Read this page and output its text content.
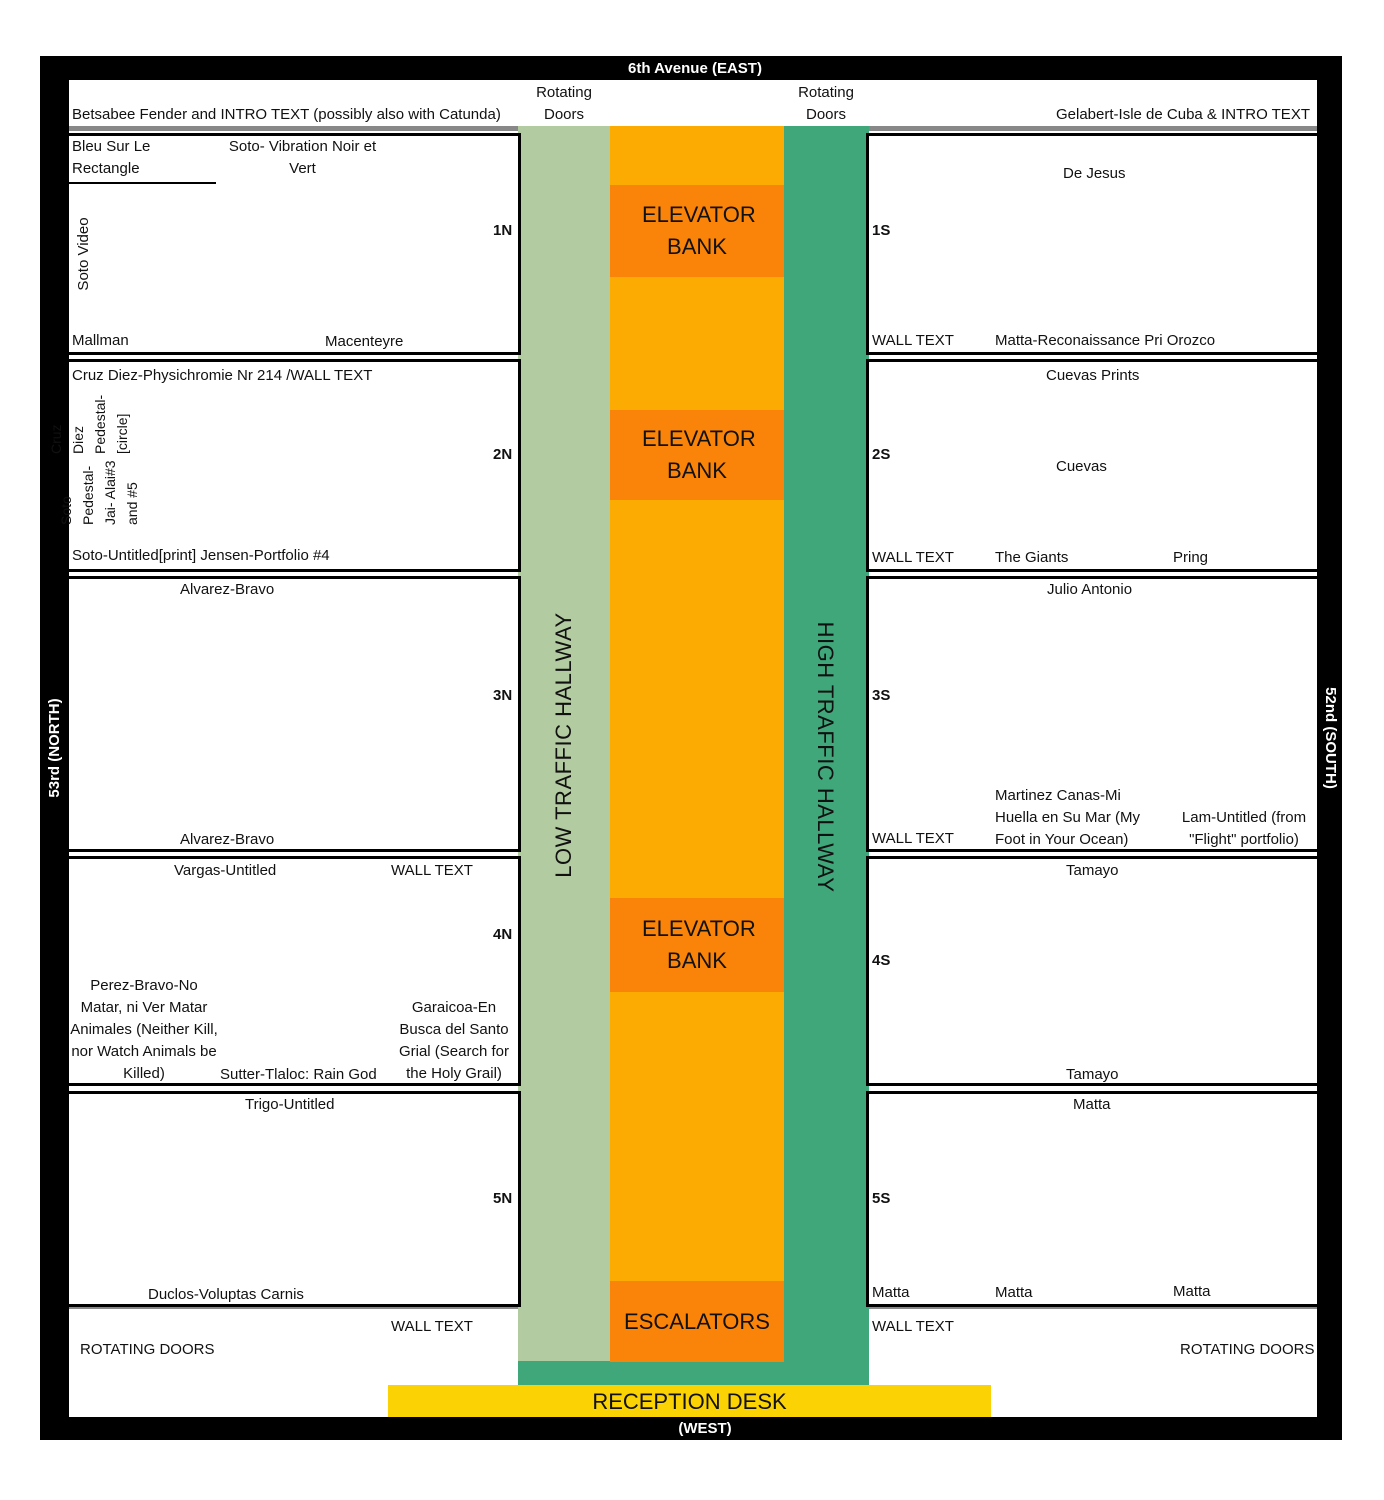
6th Avenue (EAST)
(WEST)
53rd (NORTH)	52nd (SOUTH)
Betsabee Fender and INTRO TEXT (possibly also with Catunda)	Gelabert-Isle de Cuba & INTRO TEXT
Rotating Doors
Rotating Doors
LOW TRAFFIC HALLWAY	HIGH TRAFFIC HALLWAY
ELEVATOR BANK
ELEVATOR BANK
ELEVATOR BANK
ESCALATORS
RECEPTION DESK
1N
Bleu Sur Le Rectangle
Soto- Vibration Noir et Vert
Soto Video
Mallman	Macenteyre
2N
Cruz Diez-Physichromie Nr 214 /WALL TEXT
Cruz Diez Pedestal- [circle]
Soto Pedestal- Jai- Alai#3 and #5
Soto-Untitled[print] Jensen-Portfolio #4
3N
Alvarez-Bravo
Alvarez-Bravo
4N
Vargas-Untitled	WALL TEXT
Perez-Bravo-No Matar, ni Ver Matar Animales (Neither Kill, nor Watch Animals be Killed)	Sutter-Tlaloc: Rain God
Garaicoa-En Busca del Santo Grial (Search for the Holy Grail)
5N
Trigo-Untitled
Duclos-Voluptas Carnis
1S
De Jesus
WALL TEXT	Matta-Reconaissance Pri Orozco
2S
Cuevas Prints
Cuevas
WALL TEXT	The Giants	Pring
3S
Julio Antonio
WALL TEXT
Martinez Canas-Mi Huella en Su Mar (My Foot in Your Ocean)
Lam-Untitled (from "Flight" portfolio)
4S
Tamayo
Tamayo
5S
Matta
Matta	Matta	Matta
WALL TEXT	WALL TEXT
ROTATING DOORS	ROTATING DOORS
